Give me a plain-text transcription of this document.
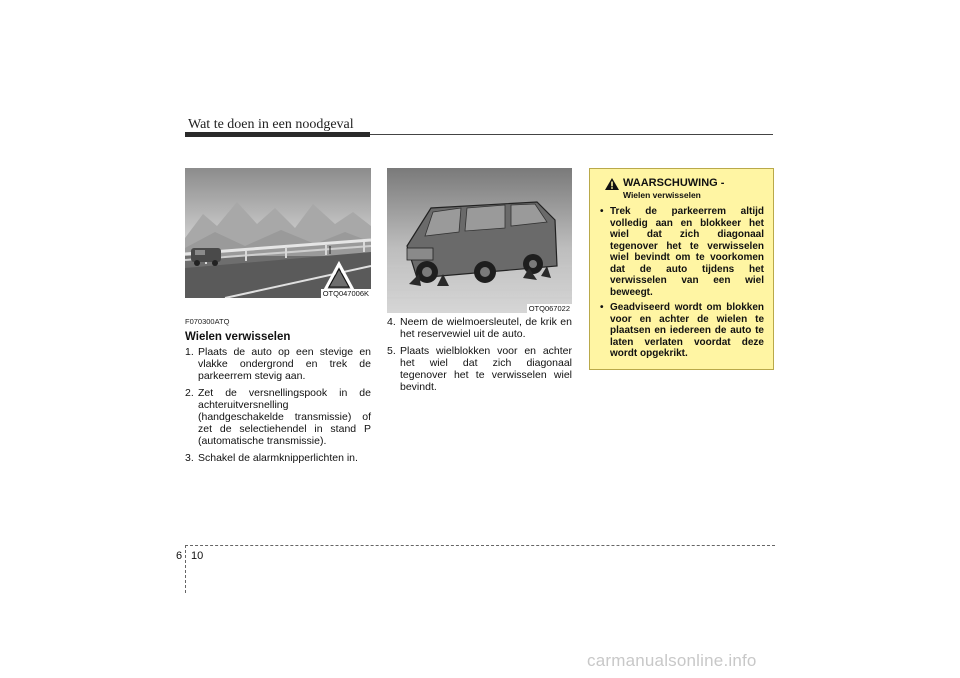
Wat te doen in een noodgeval
OTQ047006K
OTQ067022
F070300ATQ
Wielen verwisselen
1. Plaats de auto op een stevige en vlakke ondergrond en trek de parkeerrem stevig aan.
2. Zet de versnellingspook in de achteruitversnelling (handgeschakelde transmissie) of zet de selectiehendel in stand P (automatische transmissie).
3. Schakel de alarmknipperlichten in.
4. Neem de wielmoersleutel, de krik en het reservewiel uit de auto.
5. Plaats wielblokken voor en achter het wiel dat zich diagonaal tegenover het te verwisselen wiel bevindt.
WAARSCHUWING -
Wielen verwisselen
• Trek de parkeerrem altijd volledig aan en blokkeer het wiel dat zich diagonaal tegenover het te verwisselen wiel bevindt om te voorkomen dat de auto tijdens het verwisselen van een wiel beweegt.
• Geadviseerd wordt om blokken voor en achter de wielen te plaatsen en iedereen de auto te laten verlaten voordat deze wordt opgekrikt.
6 10
carmanualsonline.info
